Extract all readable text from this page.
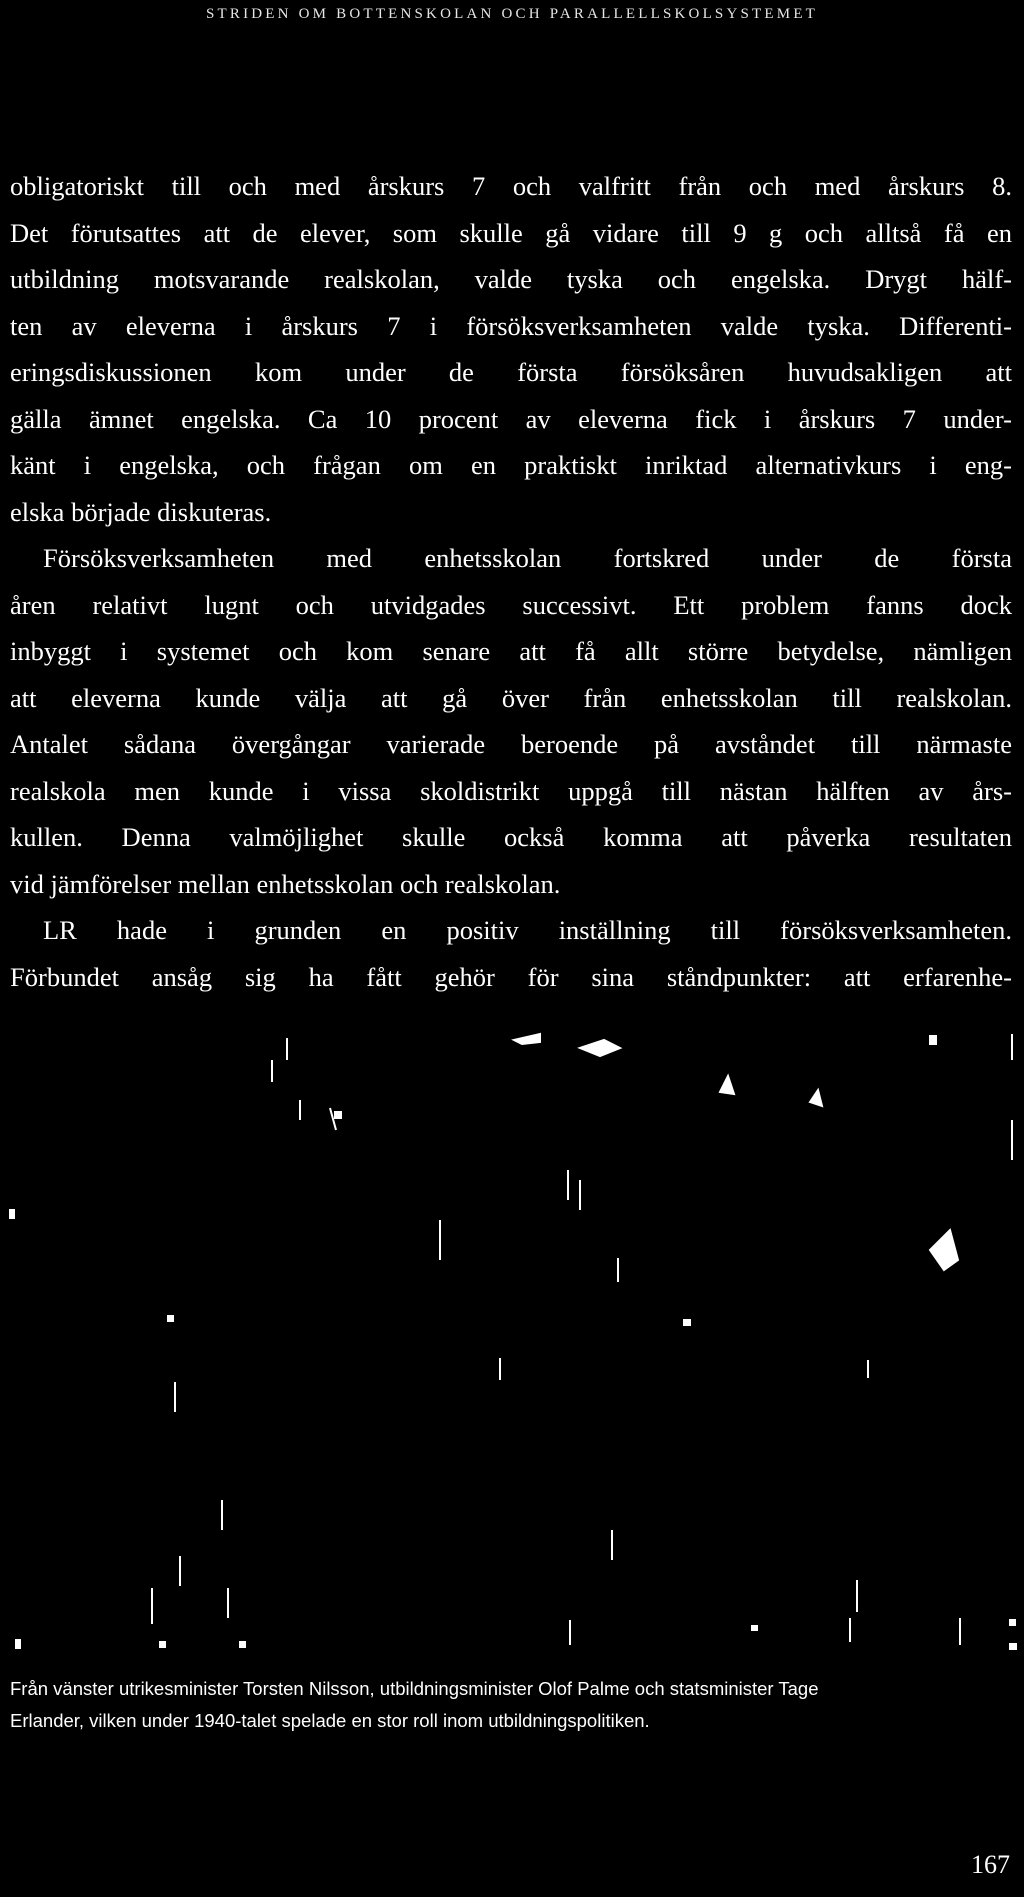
STRIDEN OM BOTTENSKOLAN OCH PARALLELLSKOLSYSTEMET

obligatoriskt till och med årskurs 7 och valfritt från och med årskurs 8.
Det förutsattes att de elever, som skulle gå vidare till 9 g och alltså få en
utbildning motsvarande realskolan, valde tyska och engelska. Drygt hälf-
ten av eleverna i årskurs 7 i försöksverksamheten valde tyska. Differenti-
eringsdiskussionen kom under de första försöksåren huvudsakligen att
gälla ämnet engelska. Ca 10 procent av eleverna fick i årskurs 7 under-
känt i engelska, och frågan om en praktiskt inriktad alternativkurs i eng-
elska började diskuteras.

Försöksverksamheten med enhetsskolan fortskred under de första
åren relativt lugnt och utvidgades successivt. Ett problem fanns dock
inbyggt i systemet och kom senare att få allt större betydelse, nämligen
att eleverna kunde välja att gå över från enhetsskolan till realskolan.
Antalet sådana övergångar varierade beroende på avståndet till närmaste
realskola men kunde i vissa skoldistrikt uppgå till nästan hälften av års-
kullen. Denna valmöjlighet skulle också komma att påverka resultaten
vid jämförelser mellan enhetsskolan och realskolan.

LR hade i grunden en positiv inställning till försöksverksamheten.
Förbundet ansåg sig ha fått gehör för sina ståndpunkter: att erfarenhe-

Från vänster utrikesminister Torsten Nilsson, utbildningsminister Olof Palme och statsminister Tage
Erlander, vilken under 1940-talet spelade en stor roll inom utbildningspolitiken.
167
